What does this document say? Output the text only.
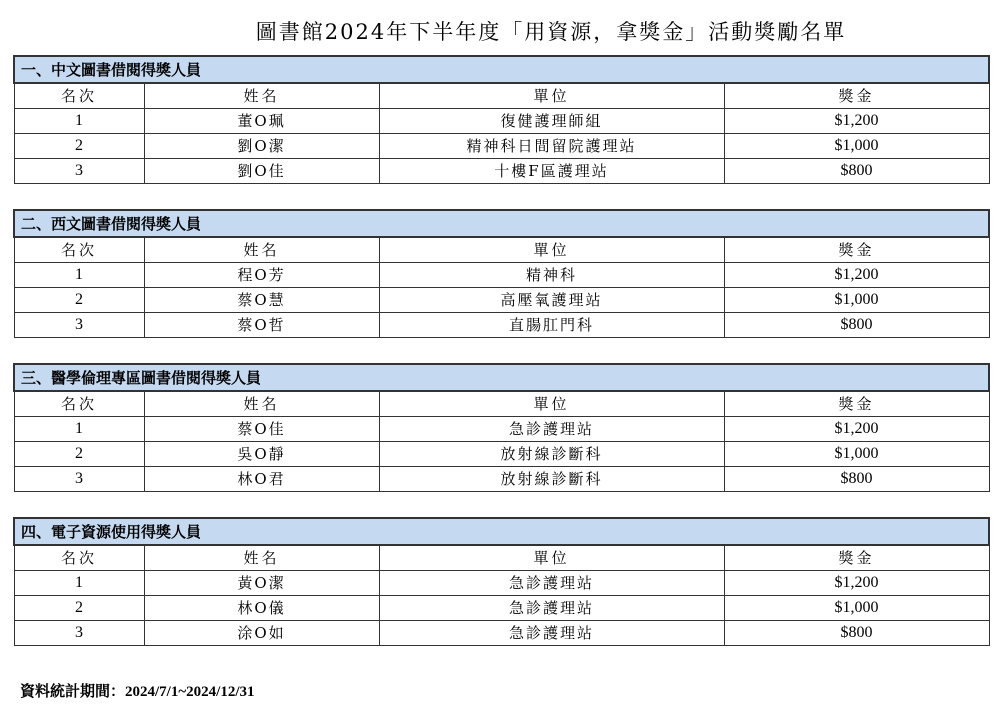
圖書館2024年下半年度「用資源，拿獎金」活動獎勵名單
一、中文圖書借閱得獎人員			
名次	姓名	單位	獎金
1	董O珮	復健護理師組	$1,200
2	劉O潔	精神科日間留院護理站	$1,000
3	劉O佳	十樓F區護理站	$800
二、西文圖書借閱得獎人員			
名次	姓名	單位	獎金
1	程O芳	精神科	$1,200
2	蔡O慧	高壓氧護理站	$1,000
3	蔡O哲	直腸肛門科	$800
三、醫學倫理專區圖書借閱得獎人員			
名次	姓名	單位	獎金
1	蔡O佳	急診護理站	$1,200
2	吳O靜	放射線診斷科	$1,000
3	林O君	放射線診斷科	$800
四、電子資源使用得獎人員			
名次	姓名	單位	獎金
1	黃O潔	急診護理站	$1,200
2	林O儀	急診護理站	$1,000
3	涂O如	急診護理站	$800
資料統計期間：2024/7/1~2024/12/31
